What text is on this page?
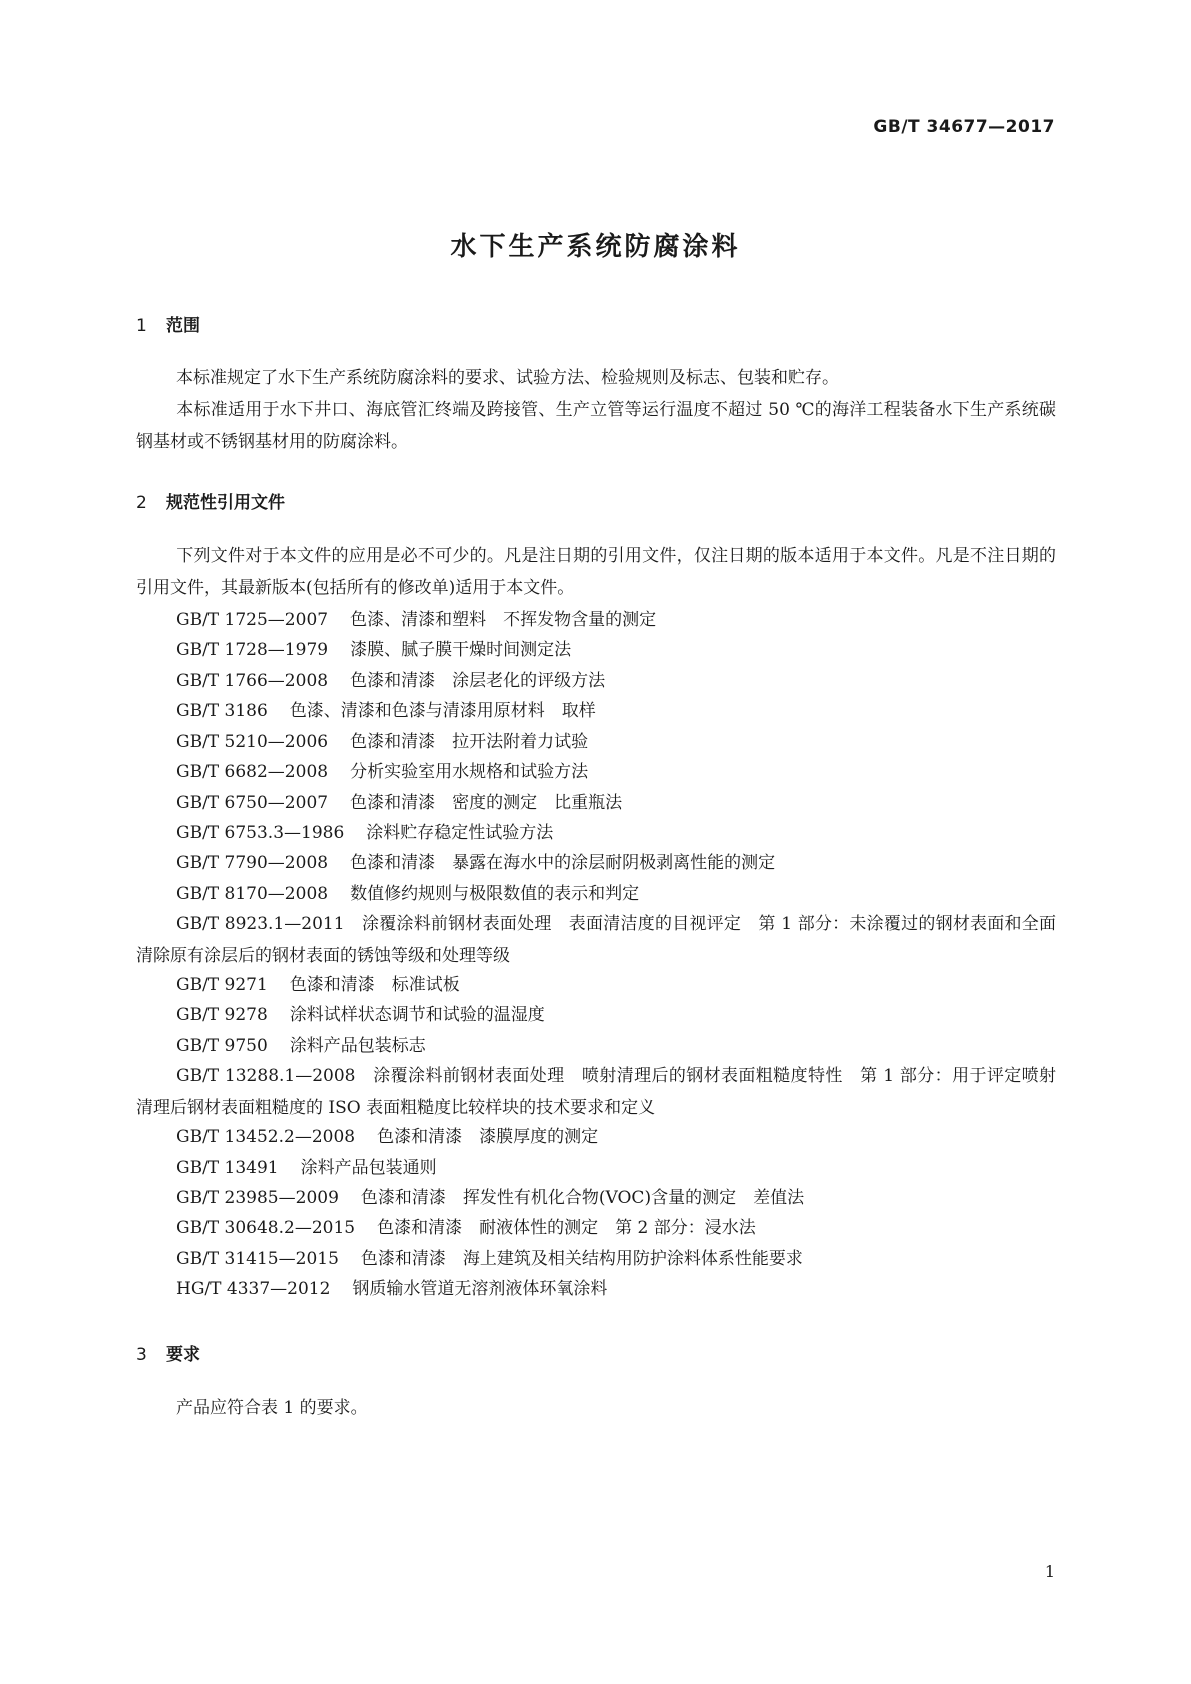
GB/T 34677—2017
水下生产系统防腐涂料
1 范围
本标准规定了水下生产系统防腐涂料的要求、试验方法、检验规则及标志、包装和贮存。
本标准适用于水下井口、海底管汇终端及跨接管、生产立管等运行温度不超过 50 ℃的海洋工程装备水下生产系统碳钢基材或不锈钢基材用的防腐涂料。
2 规范性引用文件
下列文件对于本文件的应用是必不可少的。凡是注日期的引用文件，仅注日期的版本适用于本文件。凡是不注日期的引用文件，其最新版本(包括所有的修改单)适用于本文件。
GB/T 1725—2007 色漆、清漆和塑料　不挥发物含量的测定
GB/T 1728—1979 漆膜、腻子膜干燥时间测定法
GB/T 1766—2008 色漆和清漆　涂层老化的评级方法
GB/T 3186 色漆、清漆和色漆与清漆用原材料　取样
GB/T 5210—2006 色漆和清漆　拉开法附着力试验
GB/T 6682—2008 分析实验室用水规格和试验方法
GB/T 6750—2007 色漆和清漆　密度的测定　比重瓶法
GB/T 6753.3—1986 涂料贮存稳定性试验方法
GB/T 7790—2008 色漆和清漆　暴露在海水中的涂层耐阴极剥离性能的测定
GB/T 8170—2008 数值修约规则与极限数值的表示和判定
GB/T 8923.1—2011　 涂覆涂料前钢材表面处理　表面清洁度的目视评定　第 1 部分：未涂覆过的钢材表面和全面清除原有涂层后的钢材表面的锈蚀等级和处理等级
GB/T 9271 色漆和清漆　标准试板
GB/T 9278 涂料试样状态调节和试验的温湿度
GB/T 9750 涂料产品包装标志
GB/T 13288.1—2008　 涂覆涂料前钢材表面处理　喷射清理后的钢材表面粗糙度特性　第 1 部分：用于评定喷射清理后钢材表面粗糙度的 ISO 表面粗糙度比较样块的技术要求和定义
GB/T 13452.2—2008 色漆和清漆　漆膜厚度的测定
GB/T 13491 涂料产品包装通则
GB/T 23985—2009 色漆和清漆　挥发性有机化合物(VOC)含量的测定　差值法
GB/T 30648.2—2015 色漆和清漆　耐液体性的测定　第 2 部分：浸水法
GB/T 31415—2015 色漆和清漆　海上建筑及相关结构用防护涂料体系性能要求
HG/T 4337—2012 钢质输水管道无溶剂液体环氧涂料
3 要求
产品应符合表 1 的要求。
1
